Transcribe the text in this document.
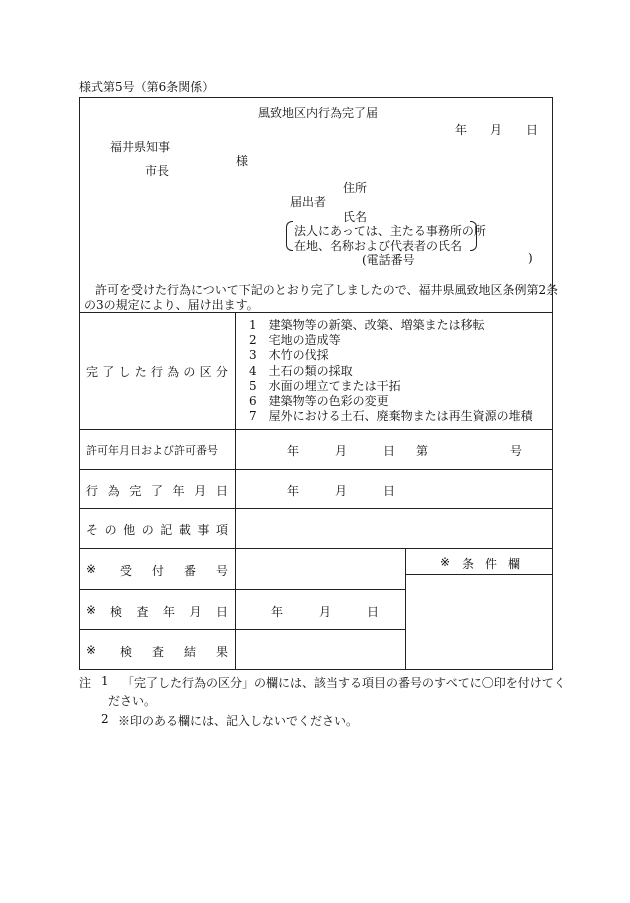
様式第5号（第6条関係）
風致地区内行為完了届
年 月 日
福井県知事
様
市長
住所
届出者
氏名
法人にあっては、主たる事務所の所
在地、名称および代表者の氏名
(電話番号	)
許可を受けた行為について下記のとおり完了しましたので、福井県風致地区条例第2条
の3の規定により、届け出ます。
完 了 し た 行 為 の 区 分
1　 建築物等の新築、改築、増築または移転
2　 宅地の造成等
3　 木竹の伐採
4　 土石の類の採取
5　 水面の埋立てまたは干拓
6　 建築物等の色彩の変更
7　 屋外における土石、廃棄物または再生資源の堆積
許可年月日および許可番号	年	月	日 第	号
行 為 完 了 年 月 日	年	月	日
そ の 他 の 記 載 事 項
※ 受 付 番 号
※ 条 件 欄
※ 検 査 年 月 日	年	月	日
※ 検 査 結 果
注 1 「完了した行為の区分」の欄には、該当する項目の番号のすべてに〇印を付けてく
ださい。
2 ※印のある欄には、記入しないでください。
